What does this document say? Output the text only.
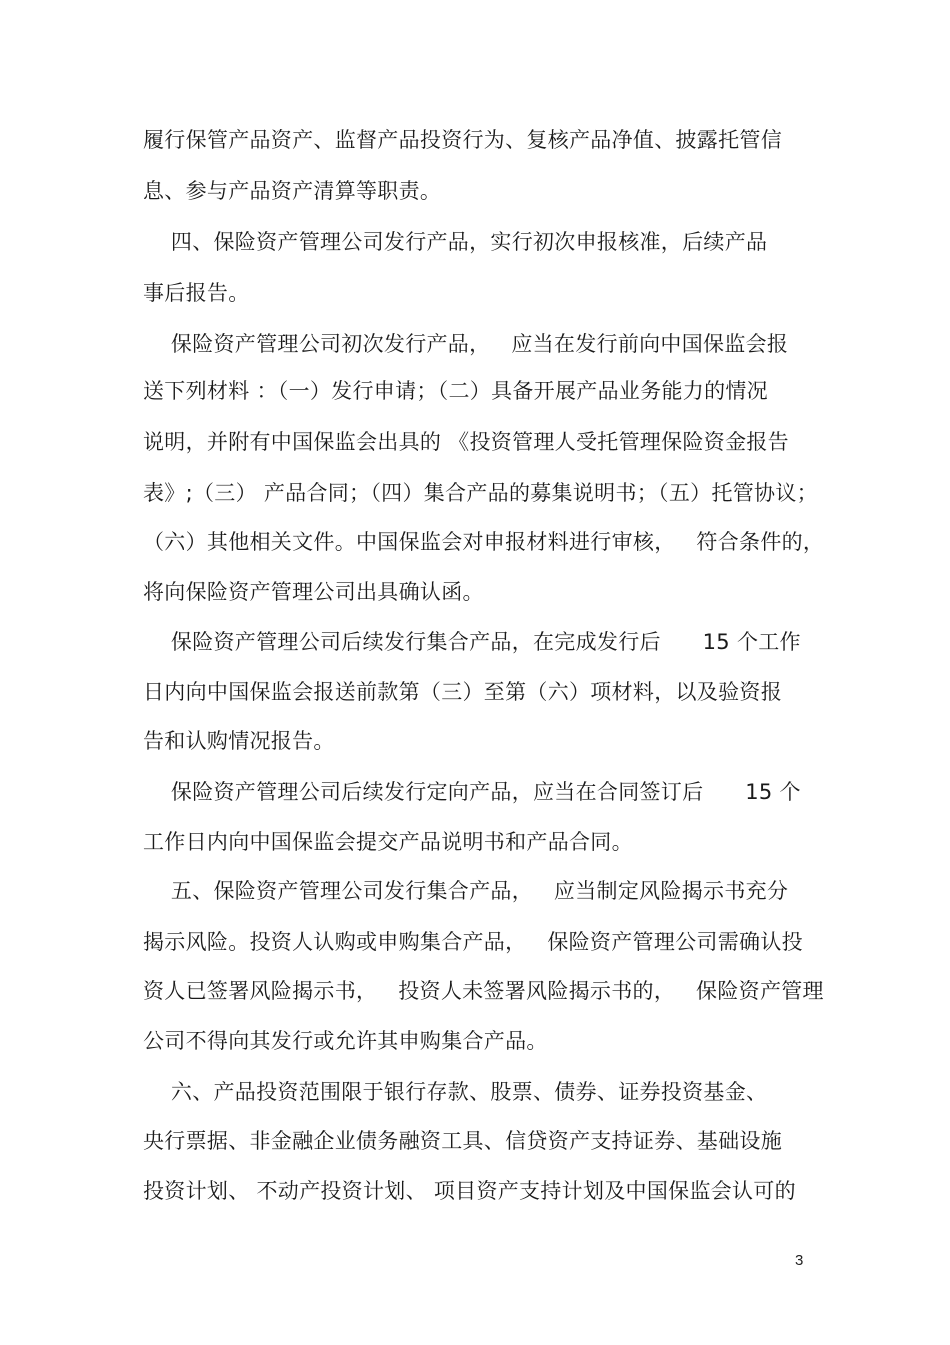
履行保管产品资产、监督产品投资行为、复核产品净值、披露托管信
息、参与产品资产清算等职责。
四、保险资产管理公司发行产品，实行初次申报核准，后续产品
事后报告。
保险资产管理公司初次发行产品，   应当在发行前向中国保监会报
送下列材料 ：（一）发行申请；（二）具备开展产品业务能力的情况
说明，并附有中国保监会出具的 《投资管理人受托管理保险资金报告
表》;（三） 产品合同；（四）集合产品的募集说明书；（五）托管协议；
（六）其他相关文件。中国保监会对申报材料进行审核，   符合条件的，
将向保险资产管理公司出具确认函。
保险资产管理公司后续发行集合产品，在完成发行后      15 个工作
日内向中国保监会报送前款第（三）至第（六）项材料，以及验资报
告和认购情况报告。
保险资产管理公司后续发行定向产品，应当在合同签订后      15 个
工作日内向中国保监会提交产品说明书和产品合同。
五、保险资产管理公司发行集合产品，   应当制定风险揭示书充分
揭示风险。投资人认购或申购集合产品，   保险资产管理公司需确认投
资人已签署风险揭示书，   投资人未签署风险揭示书的，   保险资产管理
公司不得向其发行或允许其申购集合产品。
六、产品投资范围限于银行存款、股票、债券、证券投资基金、
央行票据、非金融企业债务融资工具、信贷资产支持证券、基础设施
投资计划、 不动产投资计划、 项目资产支持计划及中国保监会认可的
3
